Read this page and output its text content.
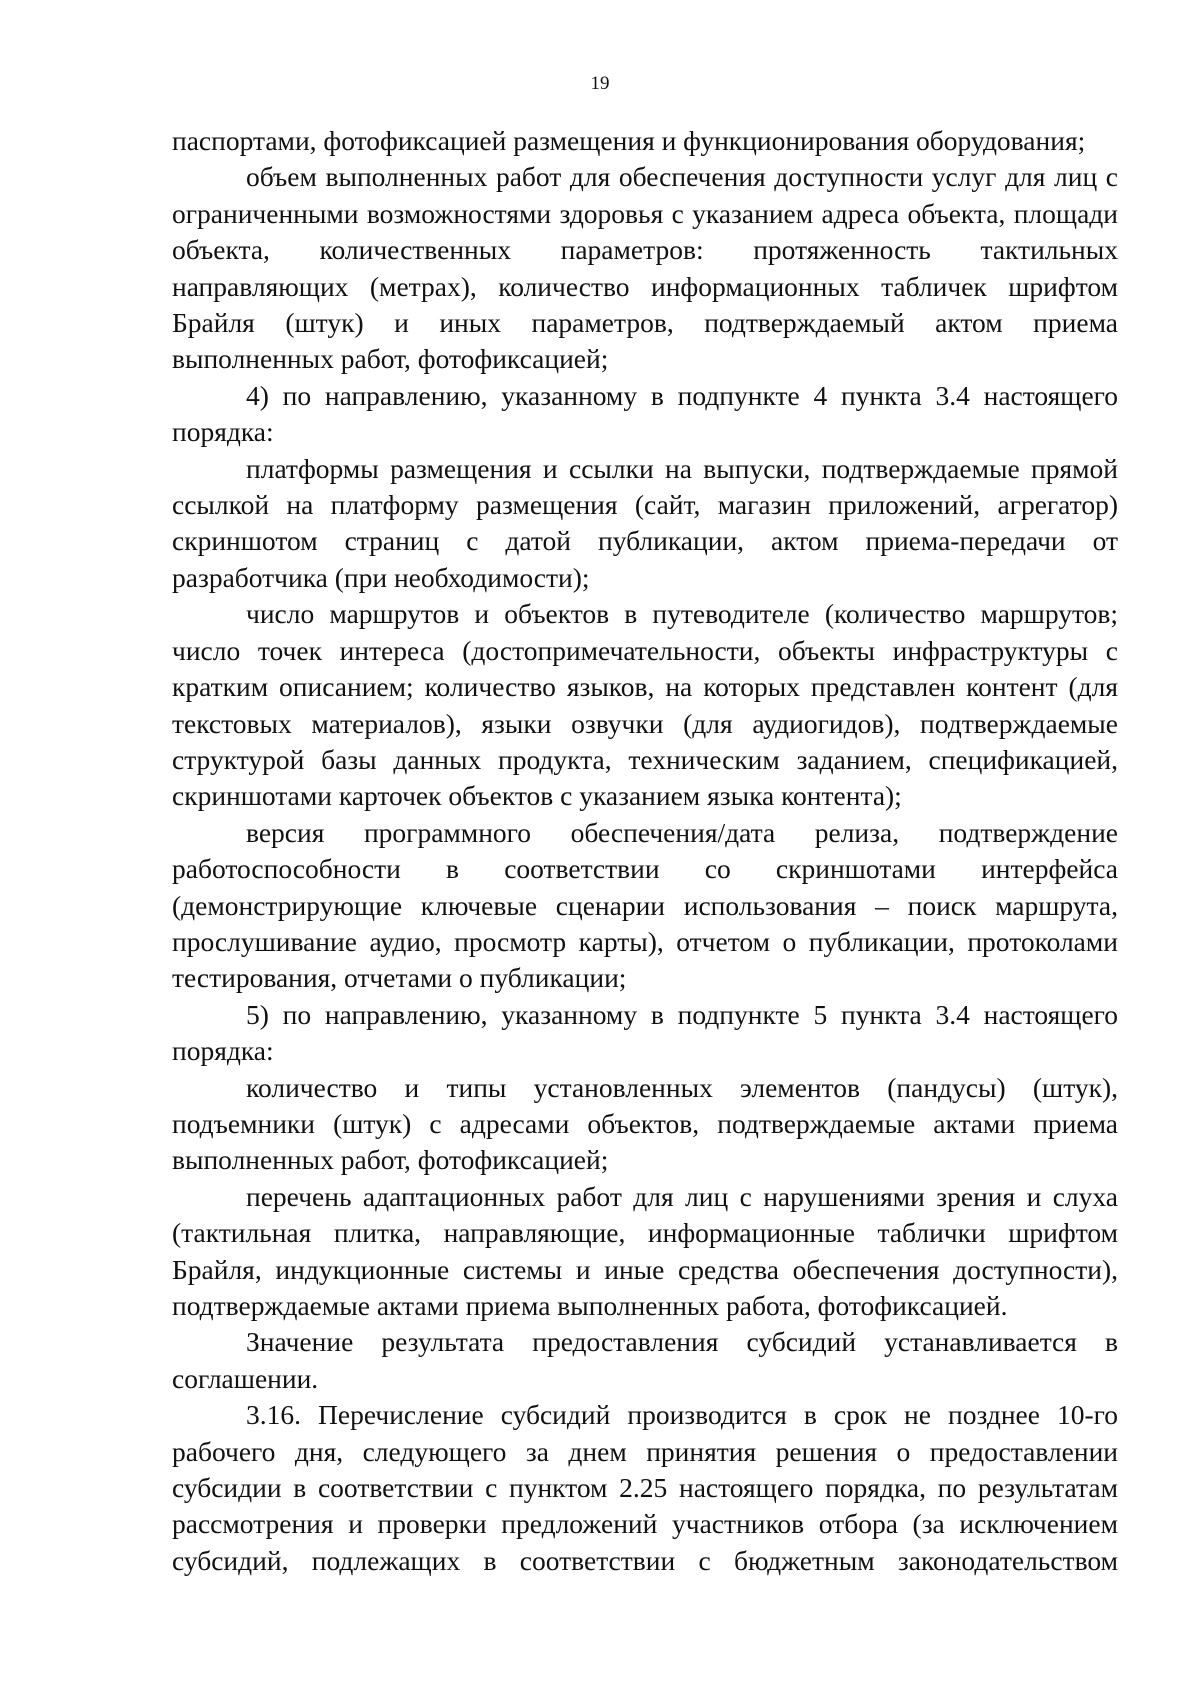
19

паспортами, фотофиксацией размещения и функционирования оборудования;

объем выполненных работ для обеспечения доступности услуг для лиц с ограниченными возможностями здоровья с указанием адреса объекта, площади объекта, количественных параметров: протяженность тактильных направляющих (метрах), количество информационных табличек шрифтом Брайля (штук) и иных параметров, подтверждаемый актом приема выполненных работ, фотофиксацией;

4) по направлению, указанному в подпункте 4 пункта 3.4 настоящего порядка:

платформы размещения и ссылки на выпуски, подтверждаемые прямой ссылкой на платформу размещения (сайт, магазин приложений, агрегатор) скриншотом страниц с датой публикации, актом приема-передачи от разработчика (при необходимости);

число маршрутов и объектов в путеводителе (количество маршрутов; число точек интереса (достопримечательности, объекты инфраструктуры с кратким описанием; количество языков, на которых представлен контент (для текстовых материалов), языки озвучки (для аудиогидов), подтверждаемые структурой базы данных продукта, техническим заданием, спецификацией, скриншотами карточек объектов с указанием языка контента);

версия программного обеспечения/дата релиза, подтверждение работоспособности в соответствии со скриншотами интерфейса (демонстрирующие ключевые сценарии использования – поиск маршрута, прослушивание аудио, просмотр карты), отчетом о публикации, протоколами тестирования, отчетами о публикации;

5) по направлению, указанному в подпункте 5 пункта 3.4 настоящего порядка:

количество и типы установленных элементов (пандусы) (штук), подъемники (штук) с адресами объектов, подтверждаемые актами приема выполненных работ, фотофиксацией;

перечень адаптационных работ для лиц с нарушениями зрения и слуха (тактильная плитка, направляющие, информационные таблички шрифтом Брайля, индукционные системы и иные средства обеспечения доступности), подтверждаемые актами приема выполненных работа, фотофиксацией.

Значение результата предоставления субсидий устанавливается в соглашении.

3.16. Перечисление субсидий производится в срок не позднее 10-го рабочего дня, следующего за днем принятия решения о предоставлении субсидии в соответствии с пунктом 2.25 настоящего порядка, по результатам рассмотрения и проверки предложений участников отбора (за исключением субсидий, подлежащих в соответствии с бюджетным законодательством
